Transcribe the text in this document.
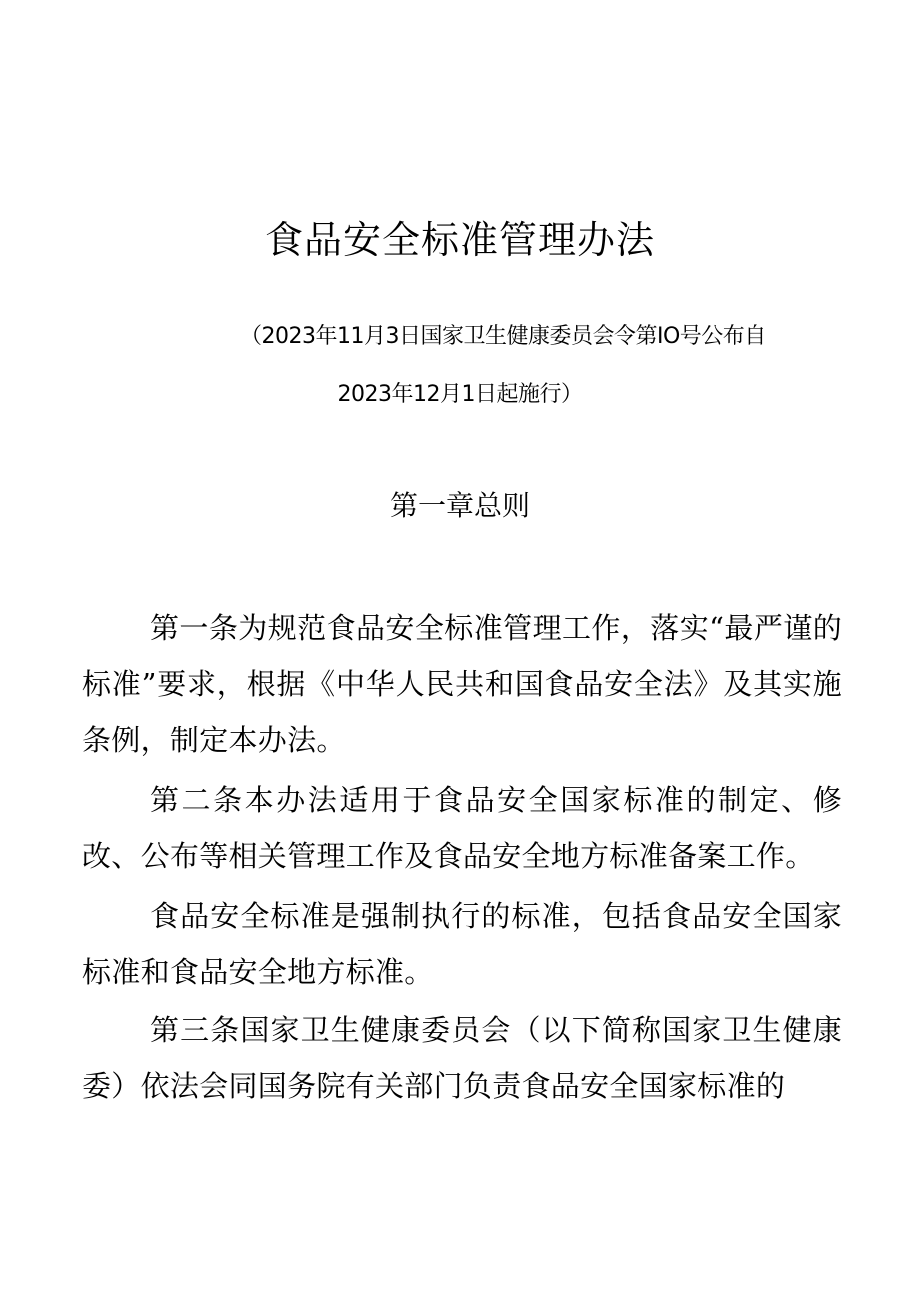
食品安全标准管理办法
（2023年11月3日国家卫生健康委员会令第IO号公布自
2023年12月1日起施行）
第一章总则
第一条为规范食品安全标准管理工作，落实“最严谨的标准”要求，根据《中华人民共和国食品安全法》及其实施条例，制定本办法。
第二条本办法适用于食品安全国家标准的制定、修改、公布等相关管理工作及食品安全地方标准备案工作。
食品安全标准是强制执行的标准，包括食品安全国家标准和食品安全地方标准。
第三条国家卫生健康委员会（以下简称国家卫生健康委）依法会同国务院有关部门负责食品安全国家标准的
